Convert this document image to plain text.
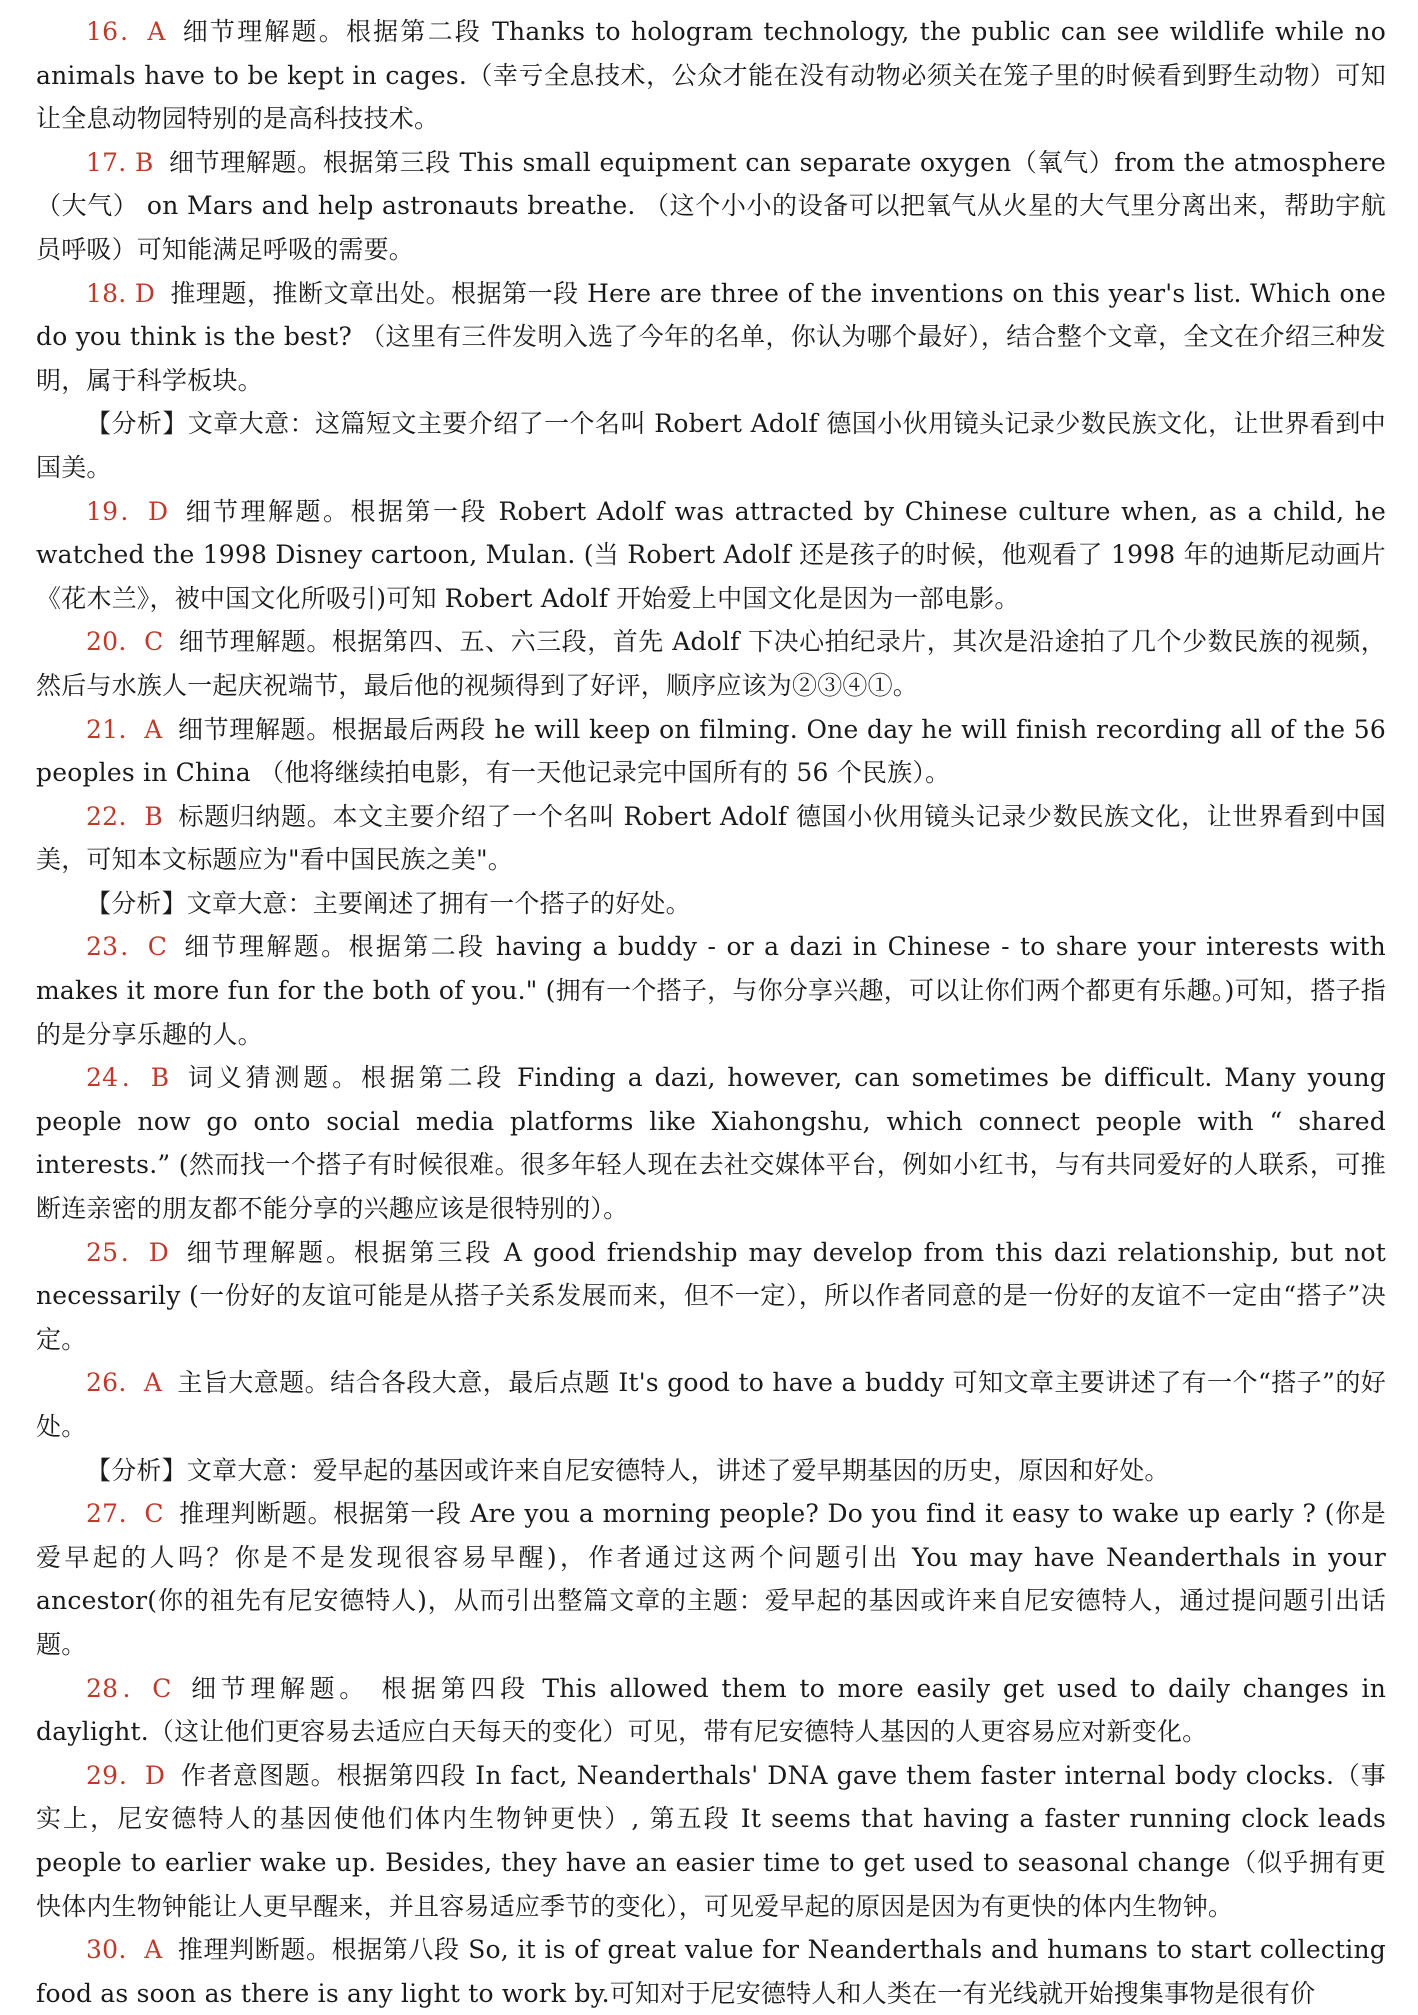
16．A 细节理解题。根据第二段 Thanks to hologram technology, the public can see wildlife while no animals have to be kept in cages.（幸亏全息技术，公众才能在没有动物必须关在笼子里的时候看到野生动物）可知让全息动物园特别的是高科技技术。

17. B 细节理解题。根据第三段 This small equipment can separate oxygen（氧气）from the atmosphere（大气） on Mars and help astronauts breathe. （这个小小的设备可以把氧气从火星的大气里分离出来，帮助宇航员呼吸）可知能满足呼吸的需要。

18. D 推理题，推断文章出处。根据第一段 Here are three of the inventions on this year's list. Which one do you think is the best? （这里有三件发明入选了今年的名单，你认为哪个最好），结合整个文章，全文在介绍三种发明，属于科学板块。

【分析】文章大意：这篇短文主要介绍了一个名叫 Robert Adolf 德国小伙用镜头记录少数民族文化，让世界看到中国美。

19．D 细节理解题。根据第一段 Robert Adolf was attracted by Chinese culture when, as a child, he watched the 1998 Disney cartoon, Mulan. (当 Robert Adolf 还是孩子的时候，他观看了 1998 年的迪斯尼动画片《花木兰》，被中国文化所吸引)可知 Robert Adolf 开始爱上中国文化是因为一部电影。

20．C 细节理解题。根据第四、五、六三段，首先 Adolf 下决心拍纪录片，其次是沿途拍了几个少数民族的视频，然后与水族人一起庆祝端节，最后他的视频得到了好评，顺序应该为②③④①。

21．A 细节理解题。根据最后两段 he will keep on filming. One day he will finish recording all of the 56 peoples in China （他将继续拍电影，有一天他记录完中国所有的 56 个民族）。

22．B 标题归纳题。本文主要介绍了一个名叫 Robert Adolf 德国小伙用镜头记录少数民族文化，让世界看到中国美，可知本文标题应为"看中国民族之美"。

【分析】文章大意：主要阐述了拥有一个搭子的好处。

23．C 细节理解题。根据第二段 having a buddy - or a dazi in Chinese - to share your interests with makes it more fun for the both of you." (拥有一个搭子，与你分享兴趣，可以让你们两个都更有乐趣。)可知，搭子指的是分享乐趣的人。

24．B 词义猜测题。根据第二段 Finding a dazi, however, can sometimes be difficult. Many young people now go onto social media platforms like Xiahongshu, which connect people with “ shared interests.” (然而找一个搭子有时候很难。很多年轻人现在去社交媒体平台，例如小红书，与有共同爱好的人联系，可推断连亲密的朋友都不能分享的兴趣应该是很特别的）。

25．D 细节理解题。根据第三段 A good friendship may develop from this dazi relationship, but not necessarily (一份好的友谊可能是从搭子关系发展而来，但不一定），所以作者同意的是一份好的友谊不一定由“搭子”决定。

26．A 主旨大意题。结合各段大意，最后点题 It's good to have a buddy 可知文章主要讲述了有一个“搭子”的好处。

【分析】文章大意：爱早起的基因或许来自尼安德特人，讲述了爱早期基因的历史，原因和好处。

27．C 推理判断题。根据第一段 Are you a morning people? Do you find it easy to wake up early ? (你是爱早起的人吗？你是不是发现很容易早醒)，作者通过这两个问题引出 You may have Neanderthals in your ancestor(你的祖先有尼安德特人)，从而引出整篇文章的主题：爱早起的基因或许来自尼安德特人，通过提问题引出话题。

28．C 细节理解题。 根据第四段 This allowed them to more easily get used to daily changes in daylight.（这让他们更容易去适应白天每天的变化）可见，带有尼安德特人基因的人更容易应对新变化。

29．D 作者意图题。根据第四段 In fact, Neanderthals' DNA gave them faster internal body clocks.（事实上，尼安德特人的基因使他们体内生物钟更快）, 第五段 It seems that having a faster running clock leads people to earlier wake up. Besides, they have an easier time to get used to seasonal change（似乎拥有更快体内生物钟能让人更早醒来，并且容易适应季节的变化），可见爱早起的原因是因为有更快的体内生物钟。

30．A 推理判断题。根据第八段 So, it is of great value for Neanderthals and humans to start collecting food as soon as there is any light to work by.可知对于尼安德特人和人类在一有光线就开始搜集事物是很有价
